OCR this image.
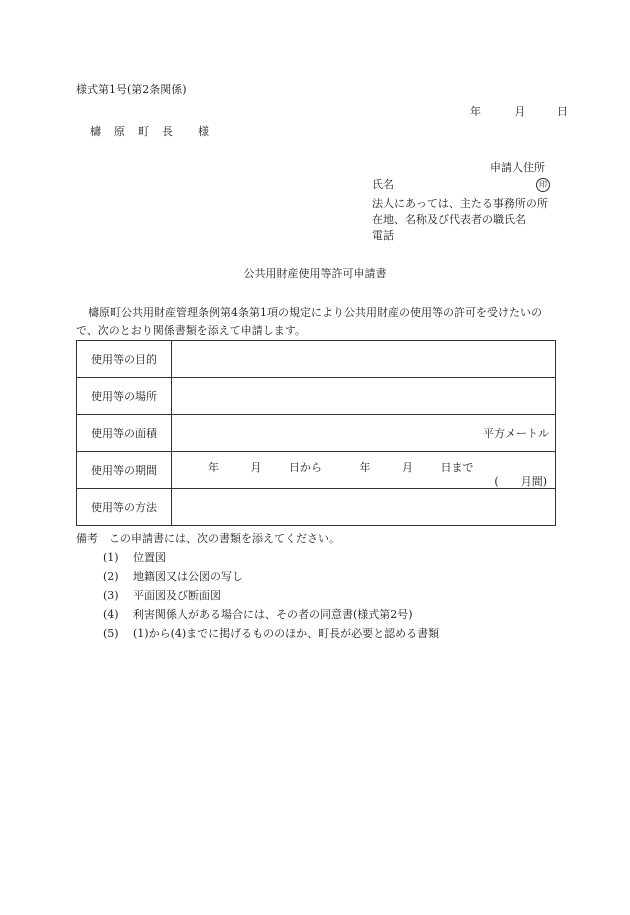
様式第1号(第2条関係)
年	月	日
檮　原　町　長　　様
申請人住所
氏名	印
法人にあっては、主たる事務所の所在地、名称及び代表者の職氏名
電話
公共用財産使用等許可申請書
檮原町公共用財産管理条例第4条第1項の規定により公共用財産の使用等の許可を受けたいので、次のとおり関係書類を添えて申請します。
使用等の目的	
使用等の場所	
使用等の面積	平方メートル
使用等の期間	年 月 日から 年 月 日まで
(　　月間)

使用等の方法	
備考　この申請書には、次の書類を添えてください。
(1) 位置図
(2) 地籍図又は公図の写し
(3) 平面図及び断面図
(4) 利害関係人がある場合には、その者の同意書(様式第2号)
(5) (1)から(4)までに掲げるもののほか、町長が必要と認める書類
